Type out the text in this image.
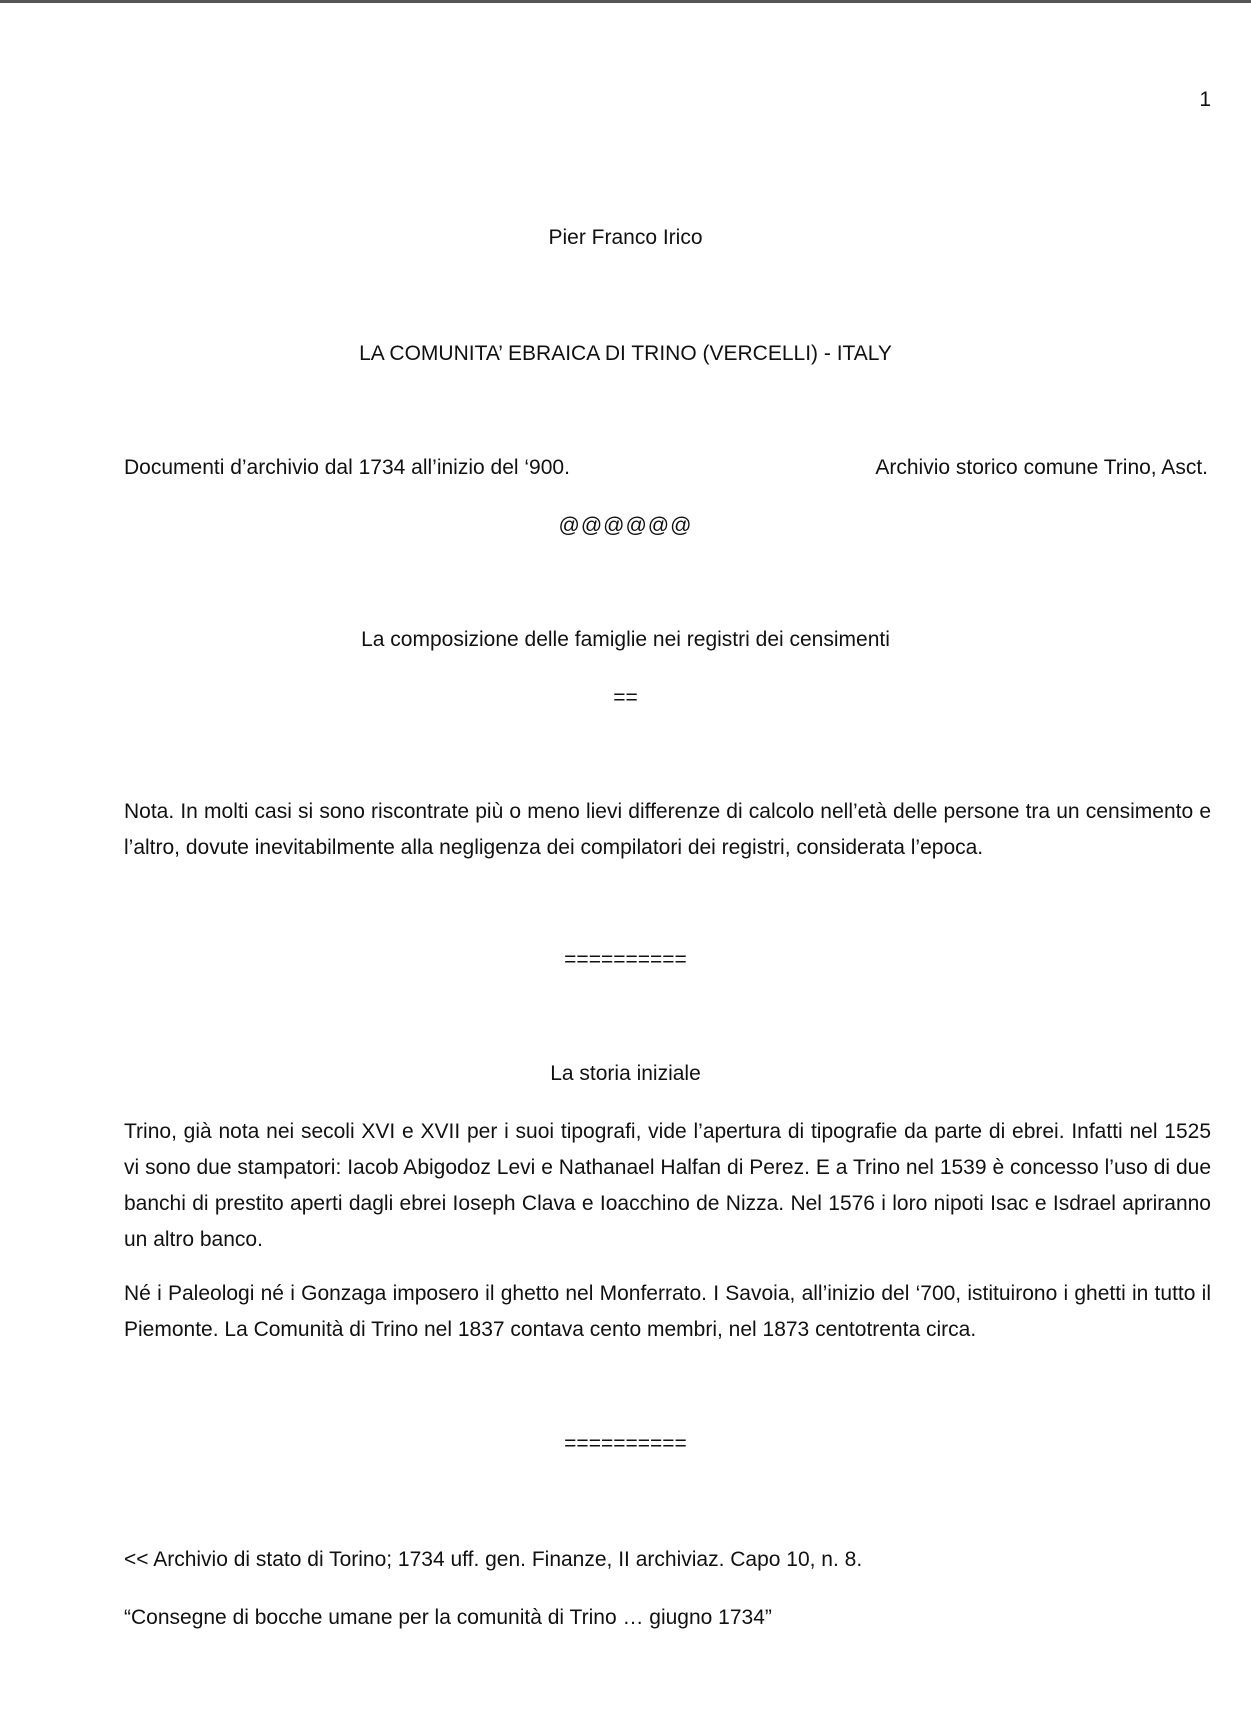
1

Pier Franco Irico

LA COMUNITA’ EBRAICA DI TRINO (VERCELLI) - ITALY

Documenti d’archivio dal 1734 all’inizio del ‘900.	Archivio storico comune Trino, Asct.

@@@@@@

La composizione delle famiglie nei registri dei censimenti

==

Nota. In molti casi si sono riscontrate più o meno lievi differenze di calcolo nell’età delle persone tra un censimento e l’altro, dovute inevitabilmente alla negligenza dei compilatori dei registri, considerata l’epoca.

==========

La storia iniziale

Trino, già nota nei secoli XVI e XVII per i suoi tipografi, vide l’apertura di tipografie da parte di ebrei. Infatti nel 1525 vi sono due stampatori: Iacob Abigodoz Levi e Nathanael Halfan di Perez. E a Trino nel 1539 è concesso l’uso di due banchi di prestito aperti dagli ebrei Ioseph Clava e Ioacchino de Nizza. Nel 1576 i loro nipoti Isac e Isdrael apriranno un altro banco.

Né i Paleologi né i Gonzaga imposero il ghetto nel Monferrato. I Savoia, all’inizio del ‘700, istituirono i ghetti in tutto il Piemonte. La Comunità di Trino nel 1837 contava cento membri, nel 1873 centotrenta circa.

==========

<< Archivio di stato di Torino; 1734 uff. gen. Finanze, II archiviaz. Capo 10, n. 8.

“Consegne di bocche umane per la comunità di Trino … giugno 1734”
